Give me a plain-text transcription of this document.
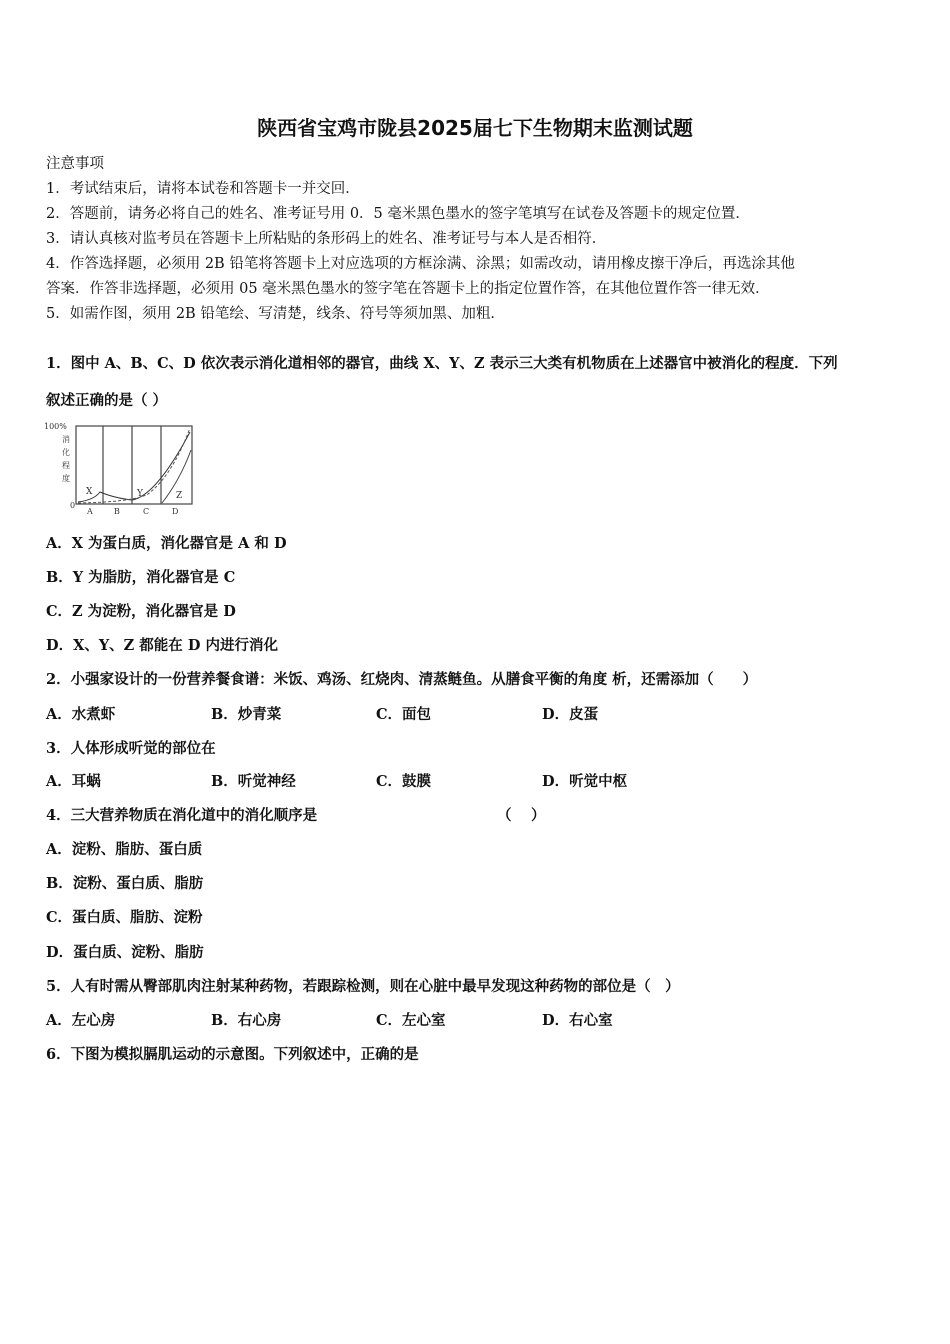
陕西省宝鸡市陇县2025届七下生物期末监测试题
注意事项
1．考试结束后，请将本试卷和答题卡一并交回．
2．答题前，请务必将自己的姓名、准考证号用 0．5 毫米黑色墨水的签字笔填写在试卷及答题卡的规定位置．
3．请认真核对监考员在答题卡上所粘贴的条形码上的姓名、准考证号与本人是否相符．
4．作答选择题，必须用 2B 铅笔将答题卡上对应选项的方框涂满、涂黑；如需改动，请用橡皮擦干净后，再选涂其他
答案．作答非选择题，必须用 05 毫米黑色墨水的签字笔在答题卡上的指定位置作答，在其他位置作答一律无效．
5．如需作图，须用 2B 铅笔绘、写清楚，线条、符号等须加黑、加粗．
1．图中 A、B、C、D 依次表示消化道相邻的器官，曲线 X、Y、Z 表示三大类有机物质在上述器官中被消化的程度．下列
叙述正确的是（ ）
100%
消
化
程
度
0
X	Y	Z
A	B	C	D
A．X 为蛋白质，消化器官是 A 和 D
B．Y 为脂肪，消化器官是 C
C．Z 为淀粉，消化器官是 D
D．X、Y、Z 都能在 D 内进行消化
2．小强家设计的一份营养餐食谱：米饭、鸡汤、红烧肉、清蒸鲢鱼。从膳食平衡的角度 析，还需添加（　　）
A．水煮虾	B．炒青菜	C．面包	D．皮蛋
3．人体形成听觉的部位在
A．耳蜗	B．听觉神经	C．鼓膜	D．听觉中枢
4．三大营养物质在消化道中的消化顺序是	（　 ）
A．淀粉、脂肪、蛋白质
B．淀粉、蛋白质、脂肪
C．蛋白质、脂肪、淀粉
D．蛋白质、淀粉、脂肪
5．人有时需从臀部肌肉注射某种药物，若跟踪检测，则在心脏中最早发现这种药物的部位是（　）
A．左心房	B．右心房	C．左心室	D．右心室
6．下图为模拟膈肌运动的示意图。下列叙述中，正确的是
